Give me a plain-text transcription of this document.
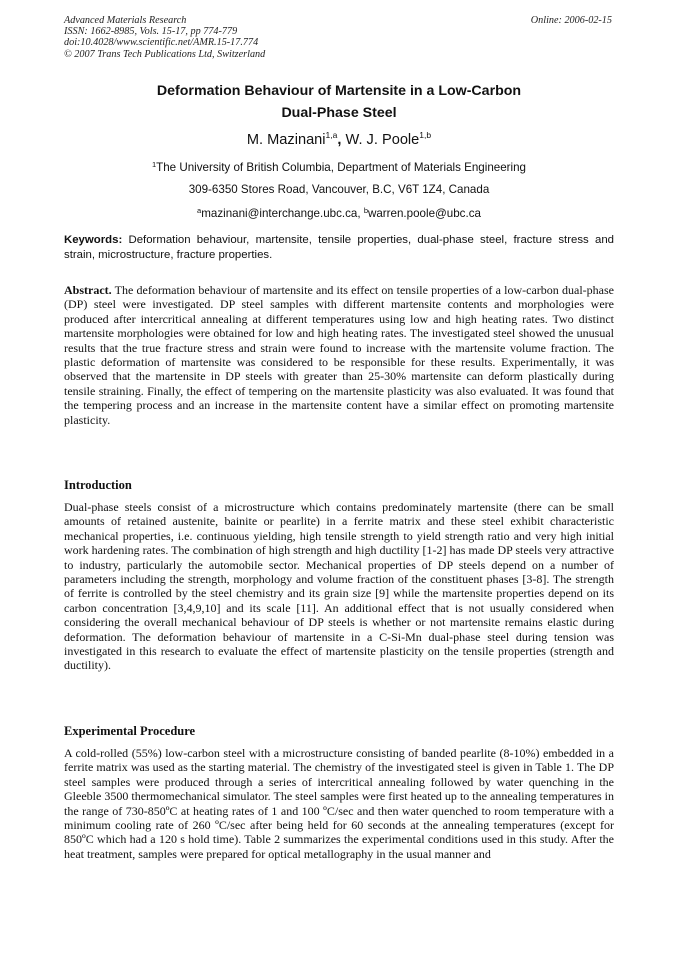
Advanced Materials Research
ISSN: 1662-8985, Vols. 15-17, pp 774-779
doi:10.4028/www.scientific.net/AMR.15-17.774
© 2007 Trans Tech Publications Ltd, Switzerland
Online: 2006-02-15
Deformation Behaviour of Martensite in a Low-Carbon
Dual-Phase Steel
M. Mazinani$^{1,a}$, W. J. Poole$^{1,b}$
$^1$The University of British Columbia, Department of Materials Engineering
309-6350 Stores Road, Vancouver, B.C, V6T 1Z4, Canada
$^a$mazinani@interchange.ubc.ca, $^b$warren.poole@ubc.ca
Keywords: Deformation behaviour, martensite, tensile properties, dual-phase steel, fracture stress and strain, microstructure, fracture properties.
Abstract. The deformation behaviour of martensite and its effect on tensile properties of a low-carbon dual-phase (DP) steel were investigated. DP steel samples with different martensite contents and morphologies were produced after intercritical annealing at different temperatures using low and high heating rates. Two distinct martensite morphologies were obtained for low and high heating rates. The investigated steel showed the unusual results that the true fracture stress and strain were found to increase with the martensite volume fraction. The plastic deformation of martensite was considered to be responsible for these results. Experimentally, it was observed that the martensite in DP steels with greater than 25-30% martensite can deform plastically during tensile straining. Finally, the effect of tempering on the martensite plasticity was also evaluated. It was found that the tempering process and an increase in the martensite content have a similar effect on promoting martensite plasticity.
Introduction
Dual-phase steels consist of a microstructure which contains predominately martensite (there can be small amounts of retained austenite, bainite or pearlite) in a ferrite matrix and these steel exhibit characteristic mechanical properties, i.e. continuous yielding, high tensile strength to yield strength ratio and very high initial work hardening rates. The combination of high strength and high ductility [1-2] has made DP steels very attractive to industry, particularly the automobile sector. Mechanical properties of DP steels depend on a number of parameters including the strength, morphology and volume fraction of the constituent phases [3-8]. The strength of ferrite is controlled by the steel chemistry and its grain size [9] while the martensite properties depend on its carbon concentration [3,4,9,10] and its scale [11]. An additional effect that is not usually considered when considering the overall mechanical behaviour of DP steels is whether or not martensite remains elastic during deformation. The deformation behaviour of martensite in a C-Si-Mn dual-phase steel during tension was investigated in this research to evaluate the effect of martensite plasticity on the tensile properties (strength and ductility).
Experimental Procedure
A cold-rolled (55%) low-carbon steel with a microstructure consisting of banded pearlite (8-10%) embedded in a ferrite matrix was used as the starting material. The chemistry of the investigated steel is given in Table 1. The DP steel samples were produced through a series of intercritical annealing followed by water quenching in the Gleeble 3500 thermomechanical simulator. The steel samples were first heated up to the annealing temperatures in the range of 730-850ºC at heating rates of 1 and 100 ºC/sec and then water quenched to room temperature with a minimum cooling rate of 260 ºC/sec after being held for 60 seconds at the annealing temperatures (except for 850ºC which had a 120 s hold time). Table 2 summarizes the experimental conditions used in this study. After the heat treatment, samples were prepared for optical metallography in the usual manner and
